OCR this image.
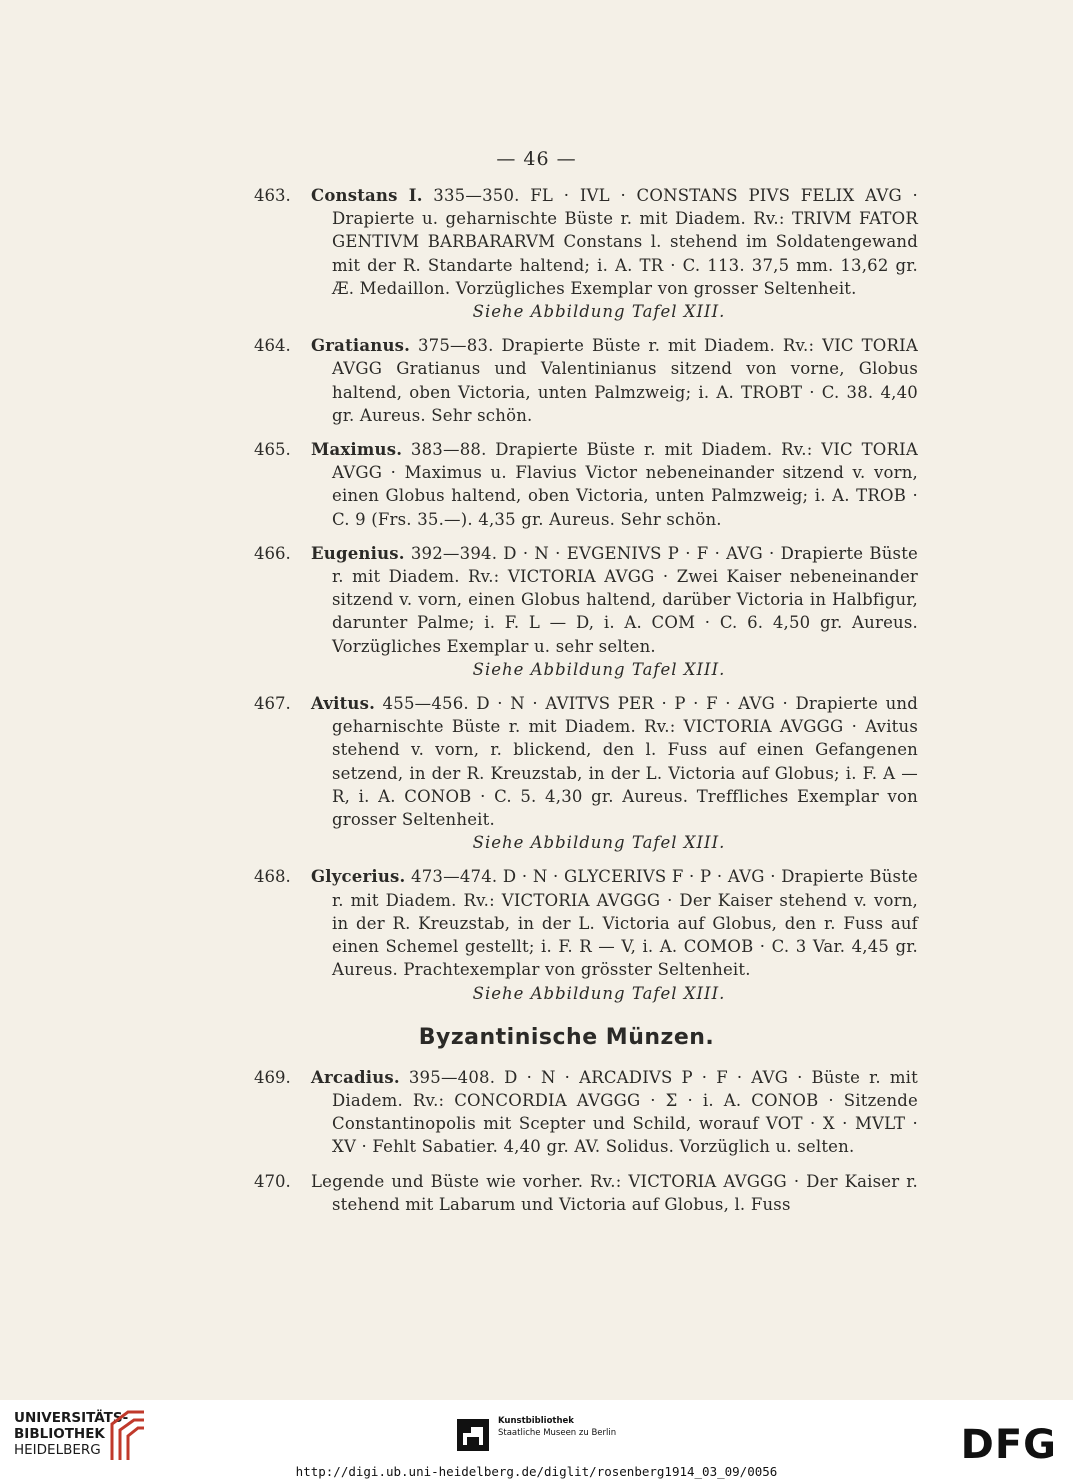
— 46 —
463. Constans I. 335—350. FL · IVL · CONSTANS PIVS FELIX AVG · Drapierte u. geharnischte Büste r. mit Diadem. Rv.: TRIVM FATOR GENTIVM BARBARARVM Constans l. stehend im Soldatengewand mit der R. Standarte haltend; i. A. TR · C. 113. 37,5 mm. 13,62 gr. Æ. Medaillon. Vorzügliches Exemplar von grosser Seltenheit.
Siehe Abbildung Tafel XIII.
464. Gratianus. 375—83. Drapierte Büste r. mit Diadem. Rv.: VIC TORIA AVGG Gratianus und Valentinianus sitzend von vorne, Globus haltend, oben Victoria, unten Palmzweig; i. A. TROBT · C. 38. 4,40 gr. Aureus. Sehr schön.
465. Maximus. 383—88. Drapierte Büste r. mit Diadem. Rv.: VIC TORIA AVGG · Maximus u. Flavius Victor nebeneinander sitzend v. vorn, einen Globus haltend, oben Victoria, unten Palmzweig; i. A. TROB · C. 9 (Frs. 35.—). 4,35 gr. Aureus. Sehr schön.
466. Eugenius. 392—394. D · N · EVGENIVS P · F · AVG · Drapierte Büste r. mit Diadem. Rv.: VICTORIA AVGG · Zwei Kaiser nebeneinander sitzend v. vorn, einen Globus haltend, darüber Victoria in Halbfigur, darunter Palme; i. F. L — D, i. A. COM · C. 6. 4,50 gr. Aureus. Vorzügliches Exemplar u. sehr selten.
Siehe Abbildung Tafel XIII.
467. Avitus. 455—456. D · N · AVITVS PER · P · F · AVG · Drapierte und geharnischte Büste r. mit Diadem. Rv.: VICTORIA AVGGG · Avitus stehend v. vorn, r. blickend, den l. Fuss auf einen Gefangenen setzend, in der R. Kreuzstab, in der L. Victoria auf Globus; i. F. A — R, i. A. CONOB · C. 5. 4,30 gr. Aureus. Treffliches Exemplar von grosser Seltenheit.
Siehe Abbildung Tafel XIII.
468. Glycerius. 473—474. D · N · GLYCERIVS F · P · AVG · Drapierte Büste r. mit Diadem. Rv.: VICTORIA AVGGG · Der Kaiser stehend v. vorn, in der R. Kreuzstab, in der L. Victoria auf Globus, den r. Fuss auf einen Schemel gestellt; i. F. R — V, i. A. COMOB · C. 3 Var. 4,45 gr. Aureus. Prachtexemplar von grösster Seltenheit.
Siehe Abbildung Tafel XIII.
Byzantinische Münzen.
469. Arcadius. 395—408. D · N · ARCADIVS P · F · AVG · Büste r. mit Diadem. Rv.: CONCORDIA AVGGG · Σ · i. A. CONOB · Sitzende Constantinopolis mit Scepter und Schild, worauf VOT · X · MVLT · XV · Fehlt Sabatier. 4,40 gr. AV. Solidus. Vorzüglich u. selten.
470. Legende und Büste wie vorher. Rv.: VICTORIA AVGGG · Der Kaiser r. stehend mit Labarum und Victoria auf Globus, l. Fuss
UNIVERSITÄTS-
BIBLIOTHEK
HEIDELBERG
Kunstbibliothek
Staatliche Museen zu Berlin	DFG
http://digi.ub.uni-heidelberg.de/diglit/rosenberg1914_03_09/0056
